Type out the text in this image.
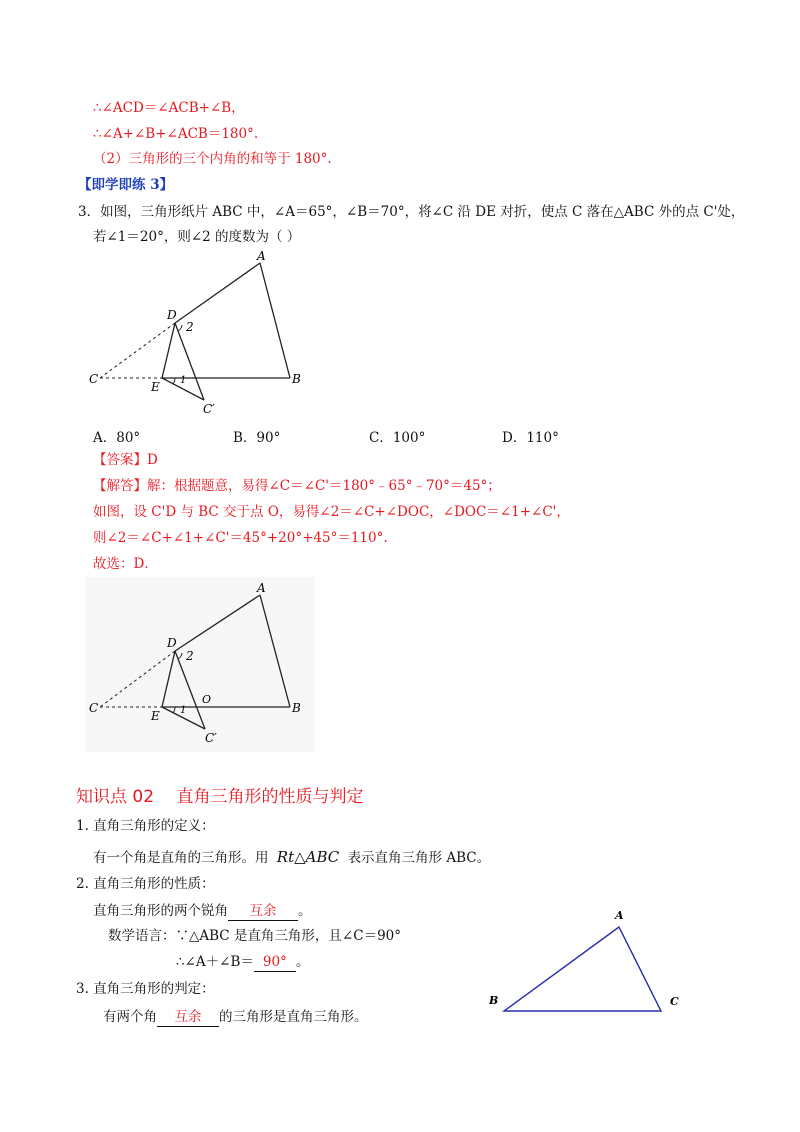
∴∠ACD＝∠ACB+∠B，
∴∠A+∠B+∠ACB＝180°.
（2）三角形的三个内角的和等于 180°.
【即学即练 3】
3．如图，三角形纸片 ABC 中，∠A＝65°，∠B＝70°，将∠C 沿 DE 对折，使点 C 落在△ABC 外的点 C'处，
若∠1＝20°，则∠2 的度数为（ ）
A
B
C
D
E
C′
1
2
A．80°	B．90°	C．100°	D．110°
【答案】D
【解答】解：根据题意，易得∠C＝∠C'＝180°﹣65°﹣70°＝45°；
如图，设 C'D 与 BC 交于点 O，易得∠2＝∠C+∠DOC，∠DOC＝∠1+∠C'，
则∠2＝∠C+∠1+∠C'＝45°+20°+45°＝110°.
故选：D．
A
B
C
D
E
C′
O
1
2
知识点 02　 直角三角形的性质与判定
1. 直角三角形的定义：
有一个角是直角的三角形。用 Rt△ABC 表示直角三角形 ABC。
2. 直角三角形的性质：
直角三角形的两个锐角 互余 。
数学语言：∵△ABC 是直角三角形，且∠C＝90°
∴∠A＋∠B＝ 90° 。
3. 直角三角形的判定：
有两个角 互余 的三角形是直角三角形。
A
B	C
